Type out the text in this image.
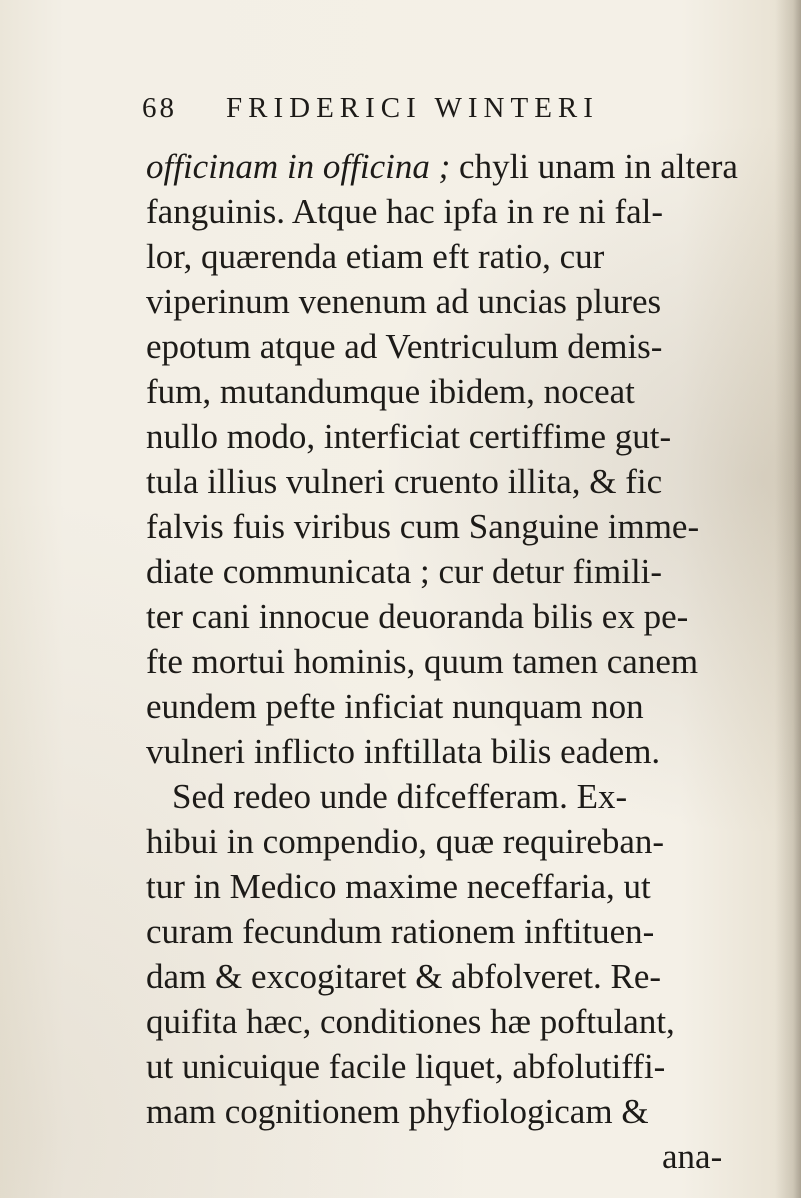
68 FRIDERICI WINTERI
officinam in officina ; chyli unam in altera
fanguinis. Atque hac ipfa in re ni fal-
lor, quærenda etiam eft ratio, cur
viperinum venenum ad uncias plures
epotum atque ad Ventriculum demis-
fum, mutandumque ibidem, noceat
nullo modo, interficiat certiffime gut-
tula illius vulneri cruento illita, & fic
falvis fuis viribus cum Sanguine imme-
diate communicata ; cur detur fimili-
ter cani innocue deuoranda bilis ex pe-
fte mortui hominis, quum tamen canem
eundem pefte inficiat nunquam non
vulneri inflicto inftillata bilis eadem.
Sed redeo unde difcefferam. Ex-
hibui in compendio, quæ requireban-
tur in Medico maxime neceffaria, ut
curam fecundum rationem inftituen-
dam & excogitaret & abfolveret. Re-
quifita hæc, conditiones hæ poftulant,
ut unicuique facile liquet, abfolutiffi-
mam cognitionem phyfiologicam &
ana-
